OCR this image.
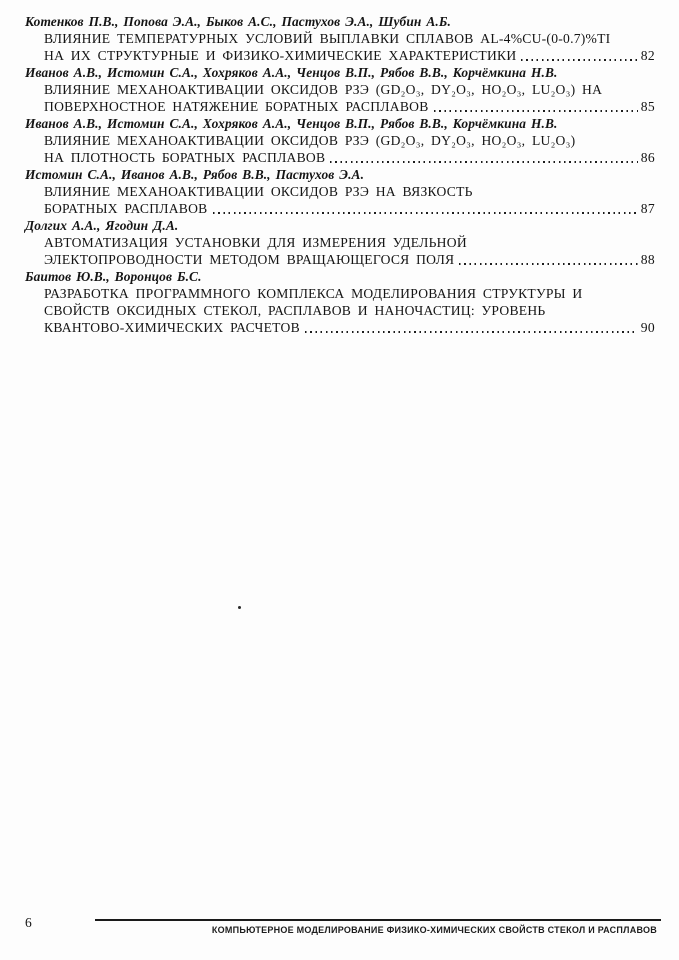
Котенков П.В., Попова Э.А., Быков А.С., Пастухов Э.А., Шубин А.Б.
ВЛИЯНИЕ ТЕМПЕРАТУРНЫХ УСЛОВИЙ ВЫПЛАВКИ СПЛАВОВ AL-4%CU-(0-0.7)%TI
НА ИХ СТРУКТУРНЫЕ И ФИЗИКО-ХИМИЧЕСКИЕ ХАРАКТЕРИСТИКИ	82
Иванов А.В., Истомин С.А., Хохряков А.А., Ченцов В.П., Рябов В.В., Корчёмкина Н.В.
ВЛИЯНИЕ МЕХАНОАКТИВАЦИИ ОКСИДОВ РЗЭ (GD₂O₃, DY₂O₃, HO₂O₃, LU₂O₃) НА
ПОВЕРХНОСТНОЕ НАТЯЖЕНИЕ БОРАТНЫХ РАСПЛАВОВ	85
Иванов А.В., Истомин С.А., Хохряков А.А., Ченцов В.П., Рябов В.В., Корчёмкина Н.В.
ВЛИЯНИЕ МЕХАНОАКТИВАЦИИ ОКСИДОВ РЗЭ (GD₂O₃, DY₂O₃, HO₂O₃, LU₂O₃)
НА ПЛОТНОСТЬ БОРАТНЫХ РАСПЛАВОВ	86
Истомин С.А., Иванов А.В., Рябов В.В., Пастухов Э.А.
ВЛИЯНИЕ МЕХАНОАКТИВАЦИИ ОКСИДОВ РЗЭ НА ВЯЗКОСТЬ
БОРАТНЫХ РАСПЛАВОВ	87
Долгих А.А., Ягодин Д.А.
АВТОМАТИЗАЦИЯ УСТАНОВКИ ДЛЯ ИЗМЕРЕНИЯ УДЕЛЬНОЙ
ЭЛЕКТОПРОВОДНОСТИ МЕТОДОМ ВРАЩАЮЩЕГОСЯ ПОЛЯ	88
Баитов Ю.В., Воронцов Б.С.
РАЗРАБОТКА ПРОГРАММНОГО КОМПЛЕКСА МОДЕЛИРОВАНИЯ СТРУКТУРЫ И
СВОЙСТВ ОКСИДНЫХ СТЕКОЛ, РАСПЛАВОВ И НАНОЧАСТИЦ: УРОВЕНЬ
КВАНТОВО-ХИМИЧЕСКИХ РАСЧЕТОВ	90
6	КОМПЬЮТЕРНОЕ МОДЕЛИРОВАНИЕ ФИЗИКО-ХИМИЧЕСКИХ СВОЙСТВ СТЕКОЛ И РАСПЛАВОВ
